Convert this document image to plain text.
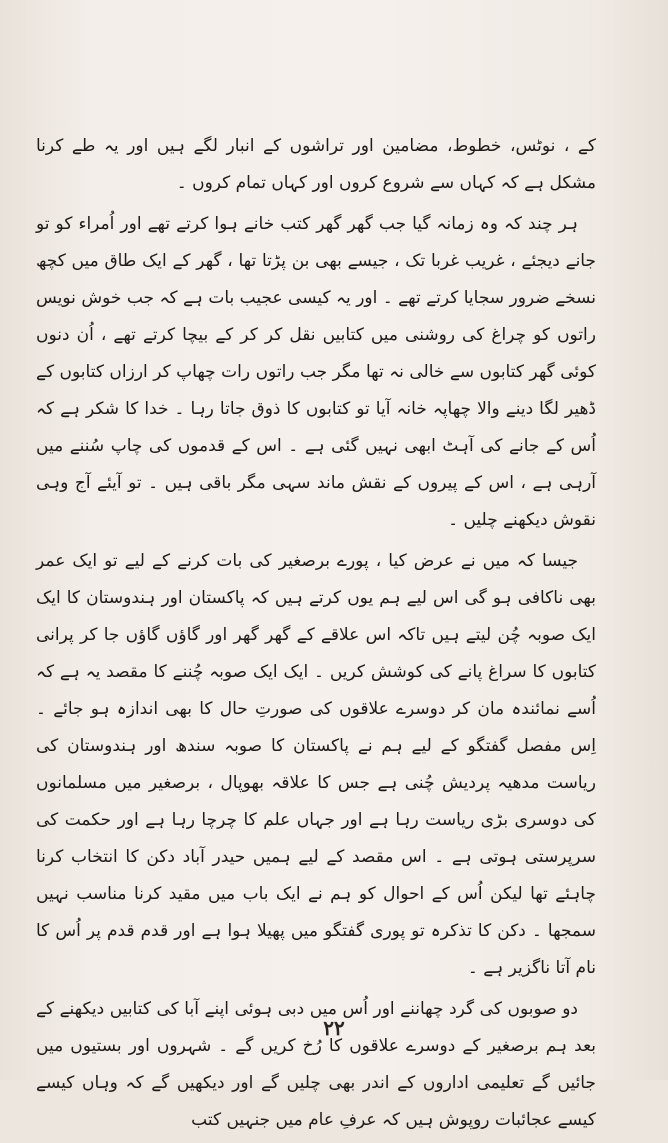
کے ، نوٹس، خطوط، مضامین اور تراشوں کے انبار لگے ہیں اور یہ طے کرنا مشکل ہے کہ کہاں سے شروع کروں اور کہاں تمام کروں ۔

ہر چند کہ وہ زمانہ گیا جب گھر گھر کتب خانے ہوا کرتے تھے اور اُمراء کو تو جانے دیجئے ، غریب غربا تک ، جیسے بھی بن پڑتا تھا ، گھر کے ایک طاق میں کچھ نسخے ضرور سجایا کرتے تھے ۔ اور یہ کیسی عجیب بات ہے کہ جب خوش نویس راتوں کو چراغ کی روشنی میں کتابیں نقل کر کر کے بیچا کرتے تھے ، اُن دنوں کوئی گھر کتابوں سے خالی نہ تھا مگر جب راتوں رات چھاپ کر ارزاں کتابوں کے ڈھیر لگا دینے والا چھاپہ خانہ آیا تو کتابوں کا ذوق جاتا رہا ۔ خدا کا شکر ہے کہ اُس کے جانے کی آہٹ ابھی نہیں گئی ہے ۔ اس کے قدموں کی چاپ سُننے میں آرہی ہے ، اس کے پیروں کے نقش ماند سہی مگر باقی ہیں ۔ تو آیئے آج وہی نقوش دیکھنے چلیں ۔

جیسا کہ میں نے عرض کیا ، پورے برصغیر کی بات کرنے کے لیے تو ایک عمر بھی ناکافی ہو گی اس لیے ہم یوں کرتے ہیں کہ پاکستان اور ہندوستان کا ایک ایک صوبہ چُن لیتے ہیں تاکہ اس علاقے کے گھر گھر اور گاؤں گاؤں جا کر پرانی کتابوں کا سراغ پانے کی کوشش کریں ۔ ایک ایک صوبہ چُننے کا مقصد یہ ہے کہ اُسے نمائندہ مان کر دوسرے علاقوں کی صورتِ حال کا بھی اندازہ ہو جائے ۔ اِس مفصل گفتگو کے لیے ہم نے پاکستان کا صوبہ سندھ اور ہندوستان کی ریاست مدھیہ پردیش چُنی ہے جس کا علاقہ بھوپال ، برصغیر میں مسلمانوں کی دوسری بڑی ریاست رہا ہے اور جہاں علم کا چرچا رہا ہے اور حکمت کی سرپرستی ہوتی ہے ۔ اس مقصد کے لیے ہمیں حیدر آباد دکن کا انتخاب کرنا چاہئے تھا لیکن اُس کے احوال کو ہم نے ایک باب میں مقید کرنا مناسب نہیں سمجھا ۔ دکن کا تذکرہ تو پوری گفتگو میں پھیلا ہوا ہے اور قدم قدم پر اُس کا نام آتا ناگزیر ہے ۔

دو صوبوں کی گرد چھاننے اور اُس میں دبی ہوئی اپنے آبا کی کتابیں دیکھنے کے بعد ہم برصغیر کے دوسرے علاقوں کا رُخ کریں گے ۔ شہروں اور بستیوں میں جائیں گے تعلیمی اداروں کے اندر بھی چلیں گے اور دیکھیں گے کہ وہاں کیسے کیسے عجائبات روپوش ہیں کہ عرفِ عام میں جنہیں کتب

۲۲
